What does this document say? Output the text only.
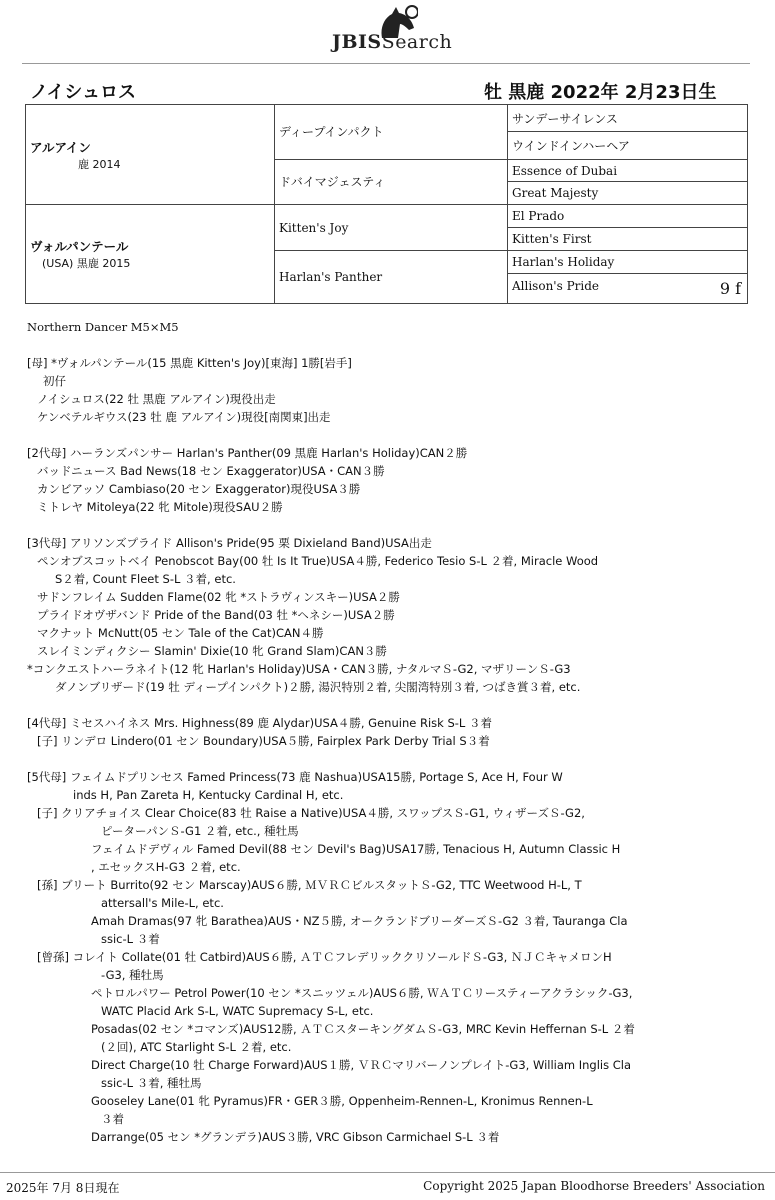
JBISSearch
ノイシュロス	牡 黒鹿 2022年 2月23日生
アルアイン
鹿 2014	ディープインパクト	サンデーサイレンス
		ウインドインハーヘア
	ドバイマジェスティ	Essence of Dubai
		Great Majesty

ヴォルパンテール
(USA) 黒鹿 2015	Kitten's Joy	El Prado
		Kitten's First
	Harlan's Panther	Harlan's Holiday
		Allison's Pride 9 f
Northern Dancer M5×M5
[母] *ヴォルパンテール(15 黒鹿 Kitten's Joy)[東海] 1勝[岩手]
初仔
ノイシュロス(22 牡 黒鹿 アルアイン)現役出走
ケンベテルギウス(23 牡 鹿 アルアイン)現役[南関東]出走
[2代母] ハーランズパンサー Harlan's Panther(09 黒鹿 Harlan's Holiday)CAN２勝
バッドニュース Bad News(18 セン Exaggerator)USA・CAN３勝
カンビアッソ Cambiaso(20 セン Exaggerator)現役USA３勝
ミトレヤ Mitoleya(22 牝 Mitole)現役SAU２勝
[3代母] アリソンズプライド Allison's Pride(95 栗 Dixieland Band)USA出走
ペンオブスコットベイ Penobscot Bay(00 牡 Is It True)USA４勝, Federico Tesio S-L ２着, Miracle Wood
S２着, Count Fleet S-L ３着, etc.
サドンフレイム Sudden Flame(02 牝 *ストラヴィンスキー)USA２勝
プライドオヴザバンド Pride of the Band(03 牡 *ヘネシー)USA２勝
マクナット McNutt(05 セン Tale of the Cat)CAN４勝
スレイミンディクシー Slamin' Dixie(10 牝 Grand Slam)CAN３勝
*コンクエストハーラネイト(12 牝 Harlan's Holiday)USA・CAN３勝, ナタルマＳ-G2, マザリーンＳ-G3
ダノンブリザード(19 牡 ディープインパクト)２勝, 湯沢特別２着, 尖閣湾特別３着, つばき賞３着, etc.
[4代母] ミセスハイネス Mrs. Highness(89 鹿 Alydar)USA４勝, Genuine Risk S-L ３着
[子] リンデロ Lindero(01 セン Boundary)USA５勝, Fairplex Park Derby Trial S３着
[5代母] フェイムドプリンセス Famed Princess(73 鹿 Nashua)USA15勝, Portage S, Ace H, Four W
inds H, Pan Zareta H, Kentucky Cardinal H, etc.
[子] クリアチョイス Clear Choice(83 牡 Raise a Native)USA４勝, スワップスＳ-G1, ウィザーズＳ-G2,
ピーターパンＳ-G1 ２着, etc., 種牡馬
フェイムドデヴィル Famed Devil(88 セン Devil's Bag)USA17勝, Tenacious H, Autumn Classic H
, エセックスH-G3 ２着, etc.
[孫] ブリート Burrito(92 セン Marscay)AUS６勝, ＭＶＲＣビルスタットＳ-G2, TTC Weetwood H-L, T
attersall's Mile-L, etc.
Amah Dramas(97 牝 Barathea)AUS・NZ５勝, オークランドブリーダーズＳ-G2 ３着, Tauranga Cla
ssic-L ３着
[曾孫] コレイト Collate(01 牡 Catbird)AUS６勝, ＡＴＣフレデリッククリソールドＳ-G3, ＮＪＣキャメロンH
-G3, 種牡馬
ペトロルパワー Petrol Power(10 セン *スニッツェル)AUS６勝, ＷＡＴＣリースティーアクラシック-G3,
WATC Placid Ark S-L, WATC Supremacy S-L, etc.
Posadas(02 セン *コマンズ)AUS12勝, ＡＴＣスターキングダムＳ-G3, MRC Kevin Heffernan S-L ２着
(２回), ATC Starlight S-L ２着, etc.
Direct Charge(10 牡 Charge Forward)AUS１勝, ＶＲＣマリバーノンプレイト-G3, William Inglis Cla
ssic-L ３着, 種牡馬
Gooseley Lane(01 牝 Pyramus)FR・GER３勝, Oppenheim-Rennen-L, Kronimus Rennen-L
３着
Darrange(05 セン *グランデラ)AUS３勝, VRC Gibson Carmichael S-L ３着
2025年 7月 8日現在	Copyright 2025 Japan Bloodhorse Breeders' Association
